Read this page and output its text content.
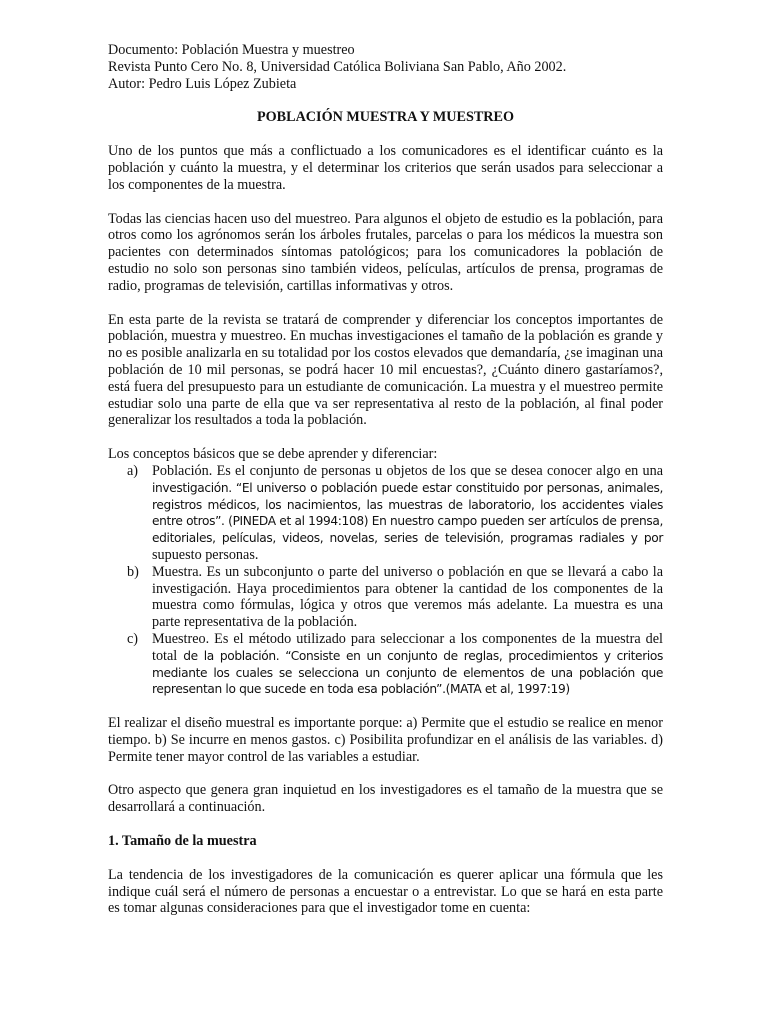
Documento: Población Muestra y muestreo

Revista Punto Cero No. 8, Universidad Católica Boliviana San Pablo, Año 2002.

Autor: Pedro Luis López Zubieta

POBLACIÓN MUESTRA Y MUESTREO

Uno de los puntos que más a conflictuado a los comunicadores es el identificar cuánto es la población y cuánto la muestra, y el determinar los criterios que serán usados para seleccionar a los componentes de la muestra.

Todas las ciencias hacen uso del muestreo. Para algunos el objeto de estudio es la población, para otros como los agrónomos serán los árboles frutales, parcelas o para los médicos la muestra son pacientes con determinados síntomas patológicos; para los comunicadores la población de estudio no solo son personas sino también videos, películas, artículos de prensa, programas de radio, programas de televisión, cartillas informativas y otros.

En esta parte de la revista se tratará de comprender y diferenciar los conceptos importantes de población, muestra y muestreo. En muchas investigaciones el tamaño de la población es grande y no es posible analizarla en su totalidad por los costos elevados que demandaría, ¿se imaginan una población de 10 mil personas, se podrá hacer 10 mil encuestas?, ¿Cuánto dinero gastaríamos?, está fuera del presupuesto para un estudiante de comunicación. La muestra y el muestreo permite estudiar solo una parte de ella que va ser representativa al resto de la población, al final poder generalizar los resultados a toda la población.

Los conceptos básicos que se debe aprender y diferenciar:

a) Población. Es el conjunto de personas u objetos de los que se desea conocer algo en una investigación. “El universo o población puede estar constituido por personas, animales, registros médicos, los nacimientos, las muestras de laboratorio, los accidentes viales entre otros”. (PINEDA et al 1994:108) En nuestro campo pueden ser artículos de prensa, editoriales, películas, videos, novelas, series de televisión, programas radiales y por supuesto personas.
b) Muestra. Es un subconjunto o parte del universo o población en que se llevará a cabo la investigación. Haya procedimientos para obtener la cantidad de los componentes de la muestra como fórmulas, lógica y otros que veremos más adelante. La muestra es una parte representativa de la población.
c) Muestreo. Es el método utilizado para seleccionar a los componentes de la muestra del total de la población. “Consiste en un conjunto de reglas, procedimientos y criterios mediante los cuales se selecciona un conjunto de elementos de una población que representan lo que sucede en toda esa población”.(MATA et al, 1997:19)

El realizar el diseño muestral es importante porque: a) Permite que el estudio se realice en menor tiempo. b) Se incurre en menos gastos. c) Posibilita profundizar en el análisis de las variables. d) Permite tener mayor control de las variables a estudiar.

Otro aspecto que genera gran inquietud en los investigadores es el tamaño de la muestra que se desarrollará a continuación.

1. Tamaño de la muestra

La tendencia de los investigadores de la comunicación es querer aplicar una fórmula que les indique cuál será el número de personas a encuestar o a entrevistar. Lo que se hará en esta parte es tomar algunas consideraciones para que el investigador tome en cuenta:
